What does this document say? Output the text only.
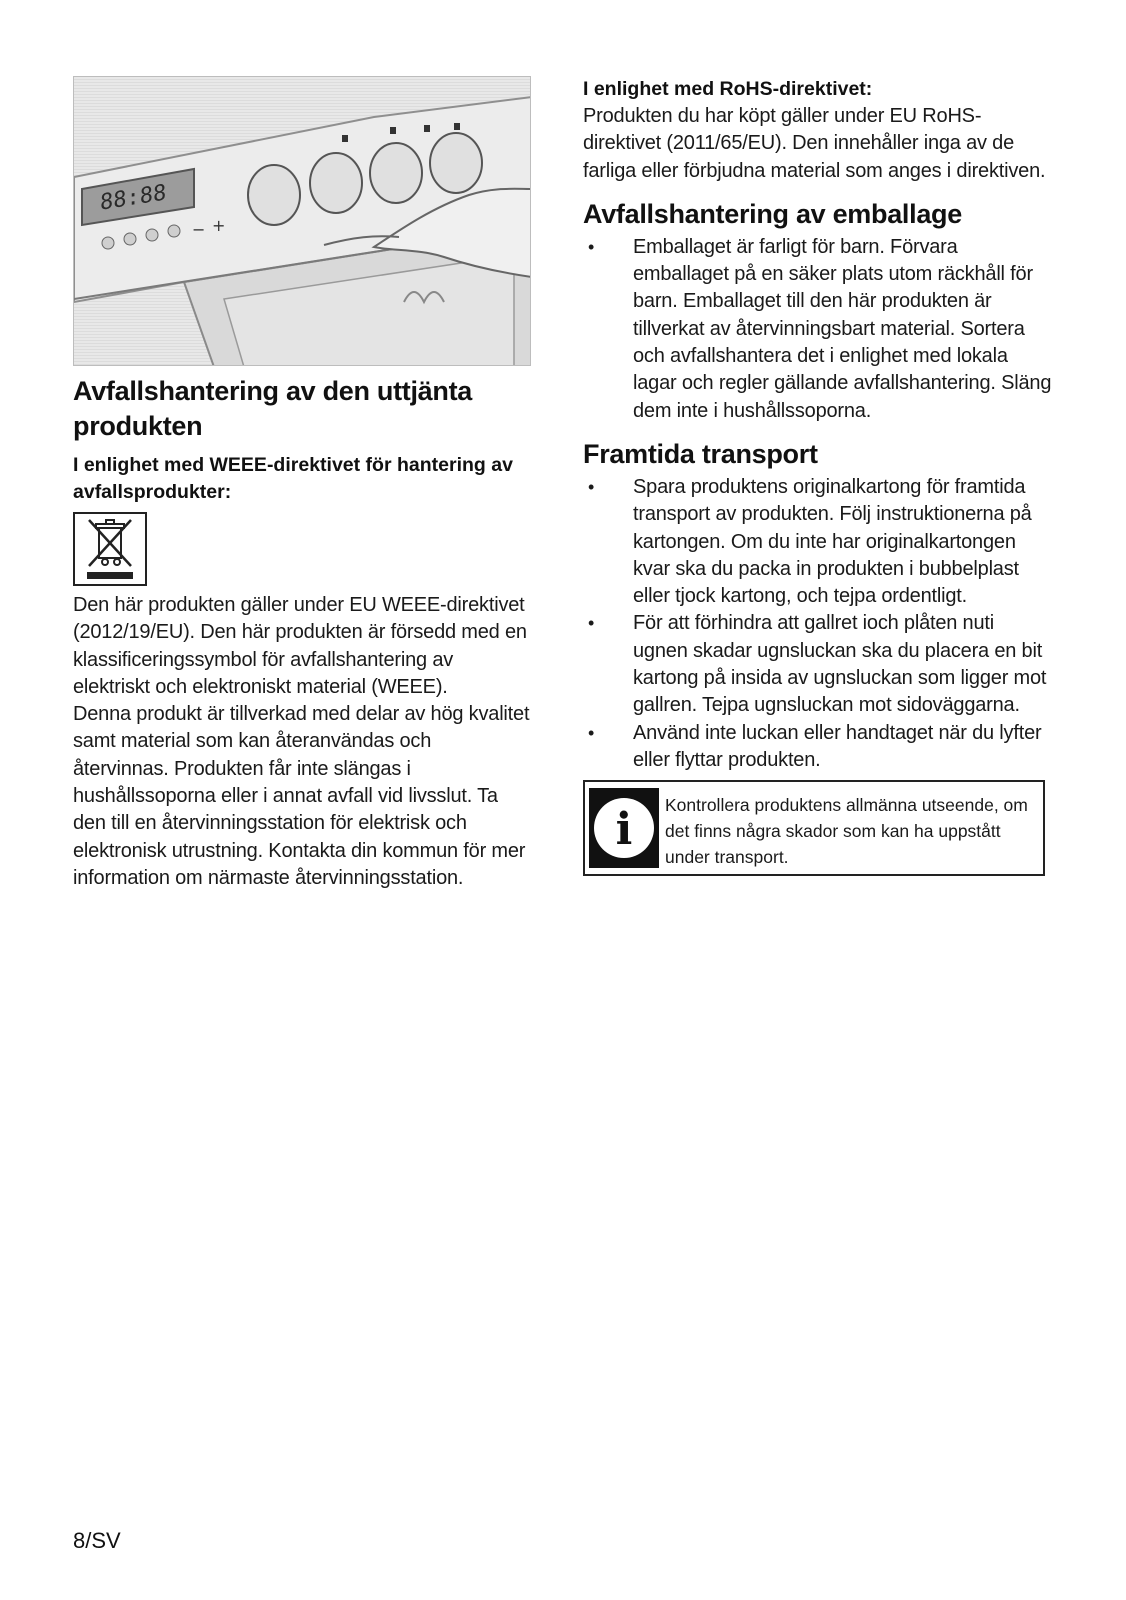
88:88
− +
Avfallshantering av den uttjänta produkten
I enlighet med WEEE-direktivet för hantering av avfallsprodukter:

Den här produkten gäller under EU WEEE-direktivet (2012/19/EU). Den här produkten är försedd med en klassificeringssymbol för avfallshantering av elektriskt och elektroniskt material (WEEE).

Denna produkt är tillverkad med delar av hög kvalitet samt material som kan återanvändas och återvinnas. Produkten får inte slängas i hushållssoporna eller i annat avfall vid livsslut. Ta den till en återvinningsstation för elektrisk och elektronisk utrustning. Kontakta din kommun för mer information om närmaste återvinningsstation.

I enlighet med RoHS-direktivet:

Produkten du har köpt gäller under EU RoHS-direktivet (2011/65/EU). Den innehåller inga av de farliga eller förbjudna material som anges i direktiven.

Avfallshantering av emballage
• Emballaget är farligt för barn. Förvara emballaget på en säker plats utom räckhåll för barn. Emballaget till den här produkten är tillverkat av återvinningsbart material. Sortera och avfallshantera det i enlighet med lokala lagar och regler gällande avfallshantering. Släng dem inte i hushållssoporna.
Framtida transport
• Spara produktens originalkartong för framtida transport av produkten. Följ instruktionerna på kartongen. Om du inte har originalkartongen kvar ska du packa in produkten i bubbelplast eller tjock kartong, och tejpa ordentligt.
• För att förhindra att gallret ioch plåten nuti ugnen skadar ugnsluckan ska du placera en bit kartong på insida av ugnsluckan som ligger mot gallren. Tejpa ugnsluckan mot sidoväggarna.
• Använd inte luckan eller handtaget när du lyfter eller flyttar produkten.
i Kontrollera produktens allmänna utseende, om det finns några skador som kan ha uppstått under transport.

8/SV
